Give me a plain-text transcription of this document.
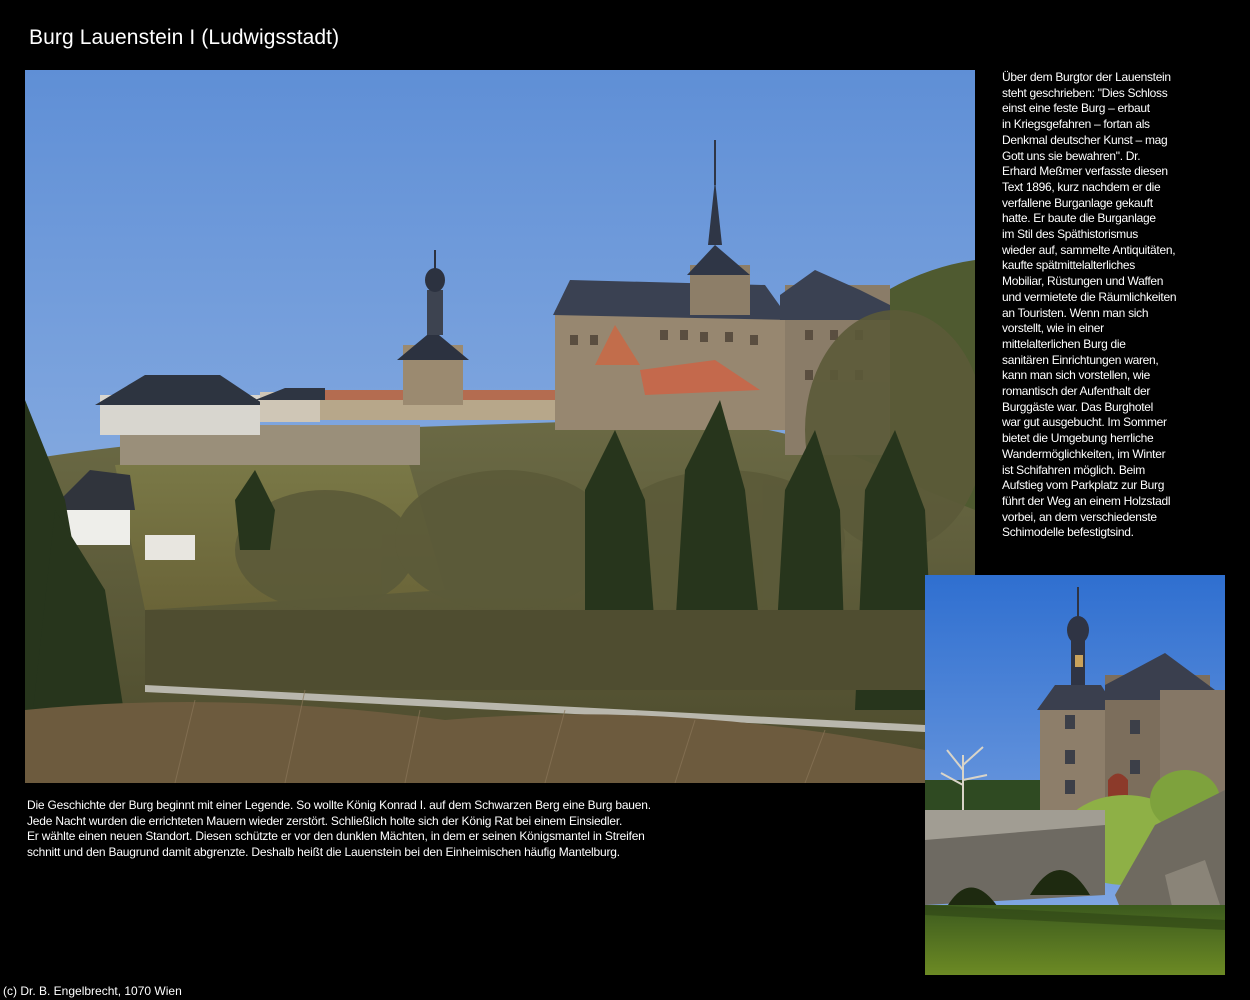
Burg Lauenstein I (Ludwigsstadt)
Über dem Burgtor der Lauenstein
steht geschrieben: "Dies Schloss
einst eine feste Burg – erbaut
in Kriegsgefahren – fortan als
Denkmal deutscher Kunst – mag
Gott uns sie bewahren". Dr.
Erhard Meßmer verfasste diesen
Text 1896, kurz nachdem er die
verfallene Burganlage gekauft
hatte. Er baute die Burganlage
im Stil des Späthistorismus
wieder auf, sammelte Antiquitäten,
kaufte spätmittelalterliches
Mobiliar, Rüstungen und Waffen
und vermietete die Räumlichkeiten
an Touristen. Wenn man sich
vorstellt, wie in einer
mittelalterlichen Burg die
sanitären Einrichtungen waren,
kann man sich vorstellen, wie
romantisch der Aufenthalt der
Burggäste war. Das Burghotel
war gut ausgebucht. Im Sommer
bietet die Umgebung herrliche
Wandermöglichkeiten, im Winter
ist Schifahren möglich. Beim
Aufstieg vom Parkplatz zur Burg
führt der Weg an einem Holzstadl
vorbei, an dem verschiedenste
Schimodelle befestigtsind.
Die Geschichte der Burg beginnt mit einer Legende. So wollte König Konrad I. auf dem Schwarzen Berg eine Burg bauen.
Jede Nacht wurden die errichteten Mauern wieder zerstört. Schließlich holte sich der König Rat bei einem Einsiedler.
Er wählte einen neuen Standort. Diesen schützte er vor den dunklen Mächten, in dem er seinen Königsmantel in Streifen
schnitt und den Baugrund damit abgrenzte. Deshalb heißt die Lauenstein bei den Einheimischen häufig Mantelburg.
(c) Dr. B. Engelbrecht, 1070 Wien
